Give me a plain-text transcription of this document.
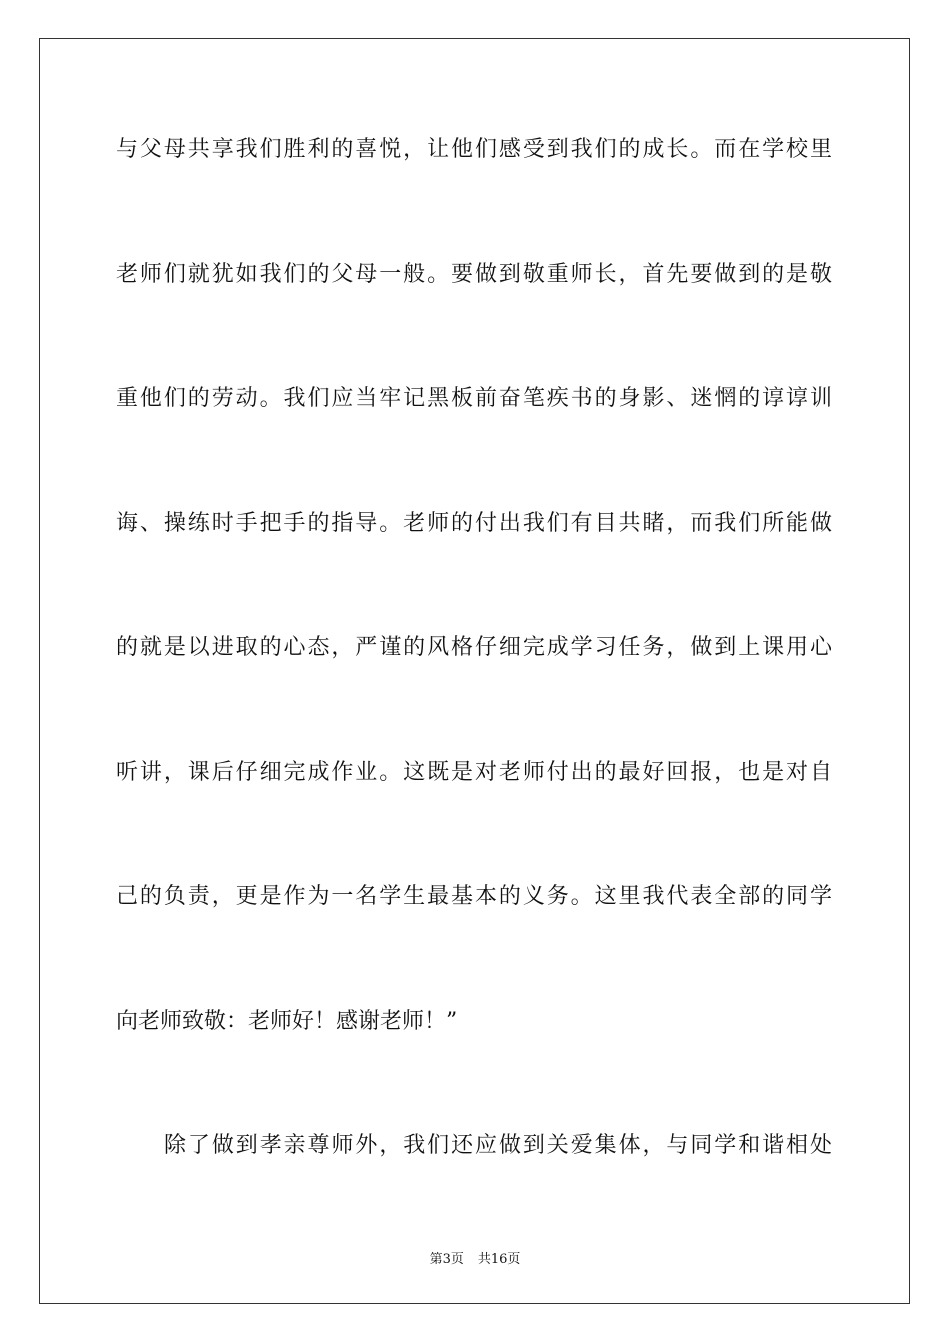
与父母共享我们胜利的喜悦，让他们感受到我们的成长。而在学校里
老师们就犹如我们的父母一般。要做到敬重师长，首先要做到的是敬
重他们的劳动。我们应当牢记黑板前奋笔疾书的身影、迷惘的谆谆训
诲、操练时手把手的指导。老师的付出我们有目共睹，而我们所能做
的就是以进取的心态，严谨的风格仔细完成学习任务，做到上课用心
听讲，课后仔细完成作业。这既是对老师付出的最好回报，也是对自
己的负责，更是作为一名学生最基本的义务。这里我代表全部的同学
向老师致敬：老师好！感谢老师！”
除了做到孝亲尊师外，我们还应做到关爱集体，与同学和谐相处
第3页 共16页
